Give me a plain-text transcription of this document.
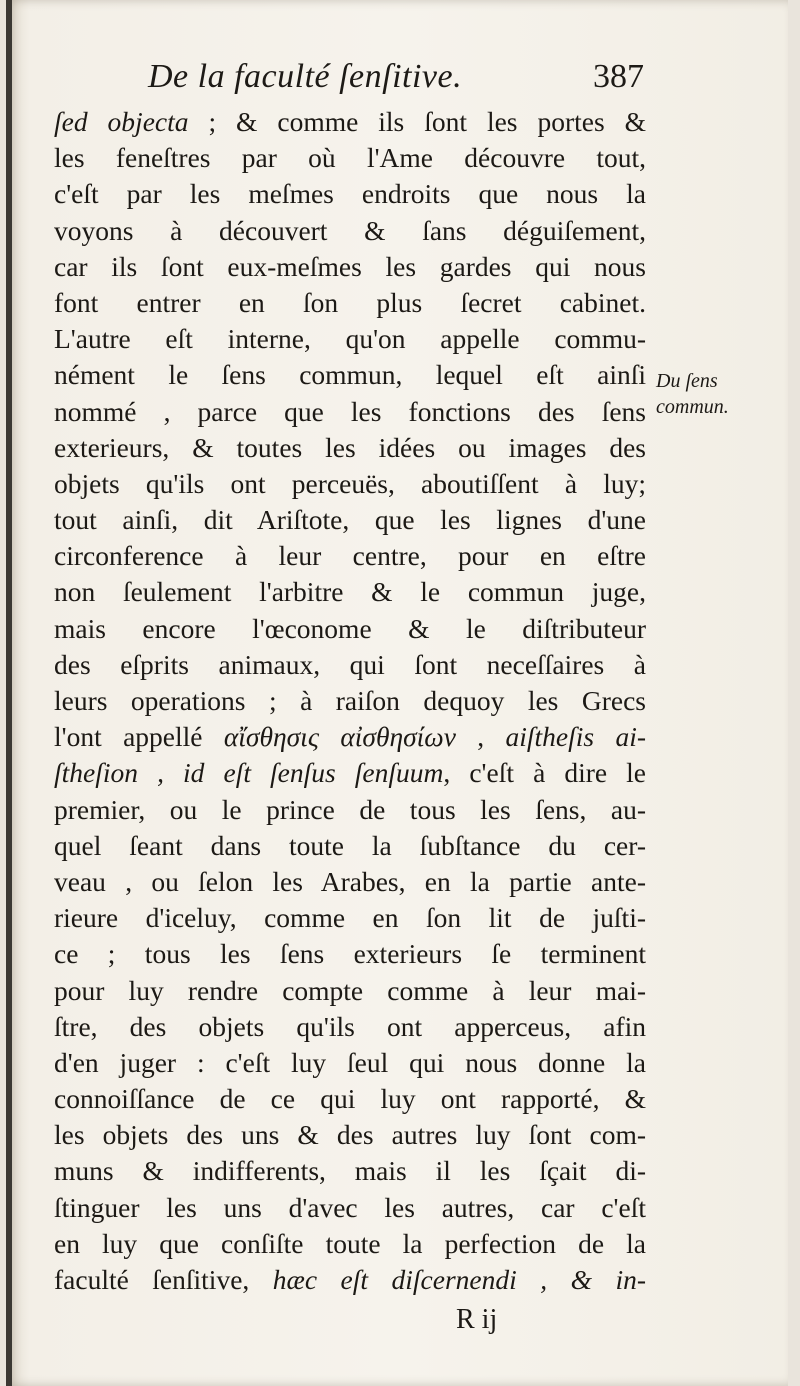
De la faculté ſenſitive.	387
ſed objecta ; & comme ils ſont les portes &
les feneſtres par où l'Ame découvre tout,
c'eſt par les meſmes endroits que nous la
voyons à découvert & ſans déguiſement,
car ils ſont eux-meſmes les gardes qui nous
font entrer en ſon plus ſecret cabinet.
L'autre eſt interne, qu'on appelle commu-
nément le ſens commun, lequel eſt ainſi
nommé , parce que les fonctions des ſens
exterieurs, & toutes les idées ou images des
objets qu'ils ont perceuës, aboutiſſent à luy;
tout ainſi, dit Ariſtote, que les lignes d'une
circonference à leur centre, pour en eſtre
non ſeulement l'arbitre & le commun juge,
mais encore l'œconome & le diſtributeur
des eſprits animaux, qui ſont neceſſaires à
leurs operations ; à raiſon dequoy les Grecs
l'ont appellé αἴσθησις αἰσθησίων , aiſtheſis ai-
ſtheſion , id eſt ſenſus ſenſuum, c'eſt à dire le
premier, ou le prince de tous les ſens, au-
quel ſeant dans toute la ſubſtance du cer-
veau , ou ſelon les Arabes, en la partie ante-
rieure d'iceluy, comme en ſon lit de juſti-
ce ; tous les ſens exterieurs ſe terminent
pour luy rendre compte comme à leur mai-
ſtre, des objets qu'ils ont apperceus, afin
d'en juger : c'eſt luy ſeul qui nous donne la
connoiſſance de ce qui luy ont rapporté, &
les objets des uns & des autres luy ſont com-
muns & indifferents, mais il les ſçait di-
ſtinguer les uns d'avec les autres, car c'eſt
en luy que conſiſte toute la perfection de la
faculté ſenſitive, hæc eſt diſcernendi , & in-
Du ſens
commun.
R ij
